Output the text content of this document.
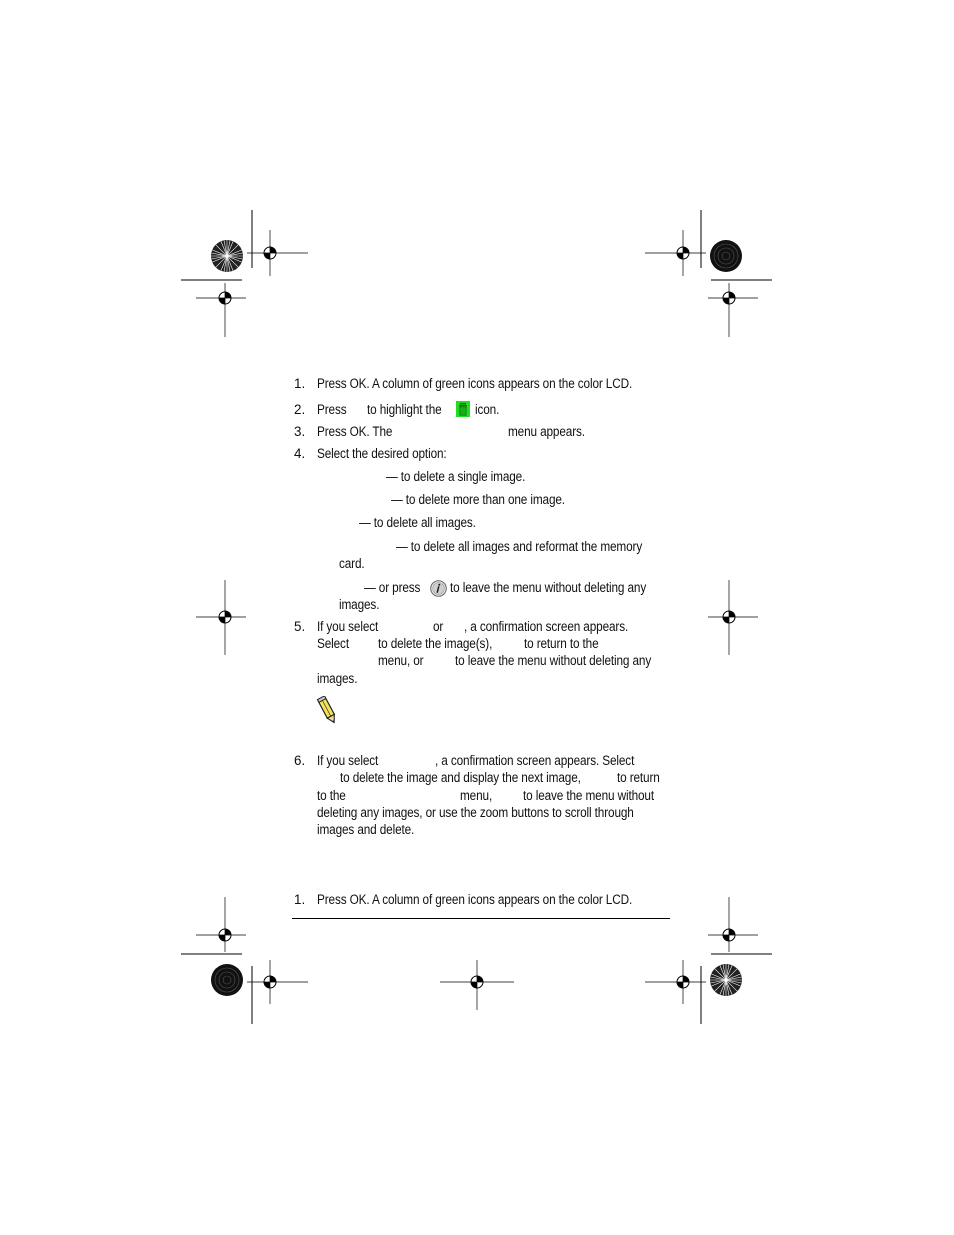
1. Press OK. A column of green icons appears on the color LCD.
2. Press to highlight the icon.
3. Press OK. The	menu appears.
4. Select the desired option:
— to delete a single image.
— to delete more than one image.
— to delete all images.
— to delete all images and reformat the memory
card.
— or press to leave the menu without deleting any
images.
5. If you select	or , a confirmation screen appears.
Select to delete the image(s), to return to the
menu, or to leave the menu without deleting any
images.
6. If you select	, a confirmation screen appears. Select
to delete the image and display the next image,	to return
to the	menu, to leave the menu without
deleting any images, or use the zoom buttons to scroll through
images and delete.
1. Press OK. A column of green icons appears on the color LCD.
